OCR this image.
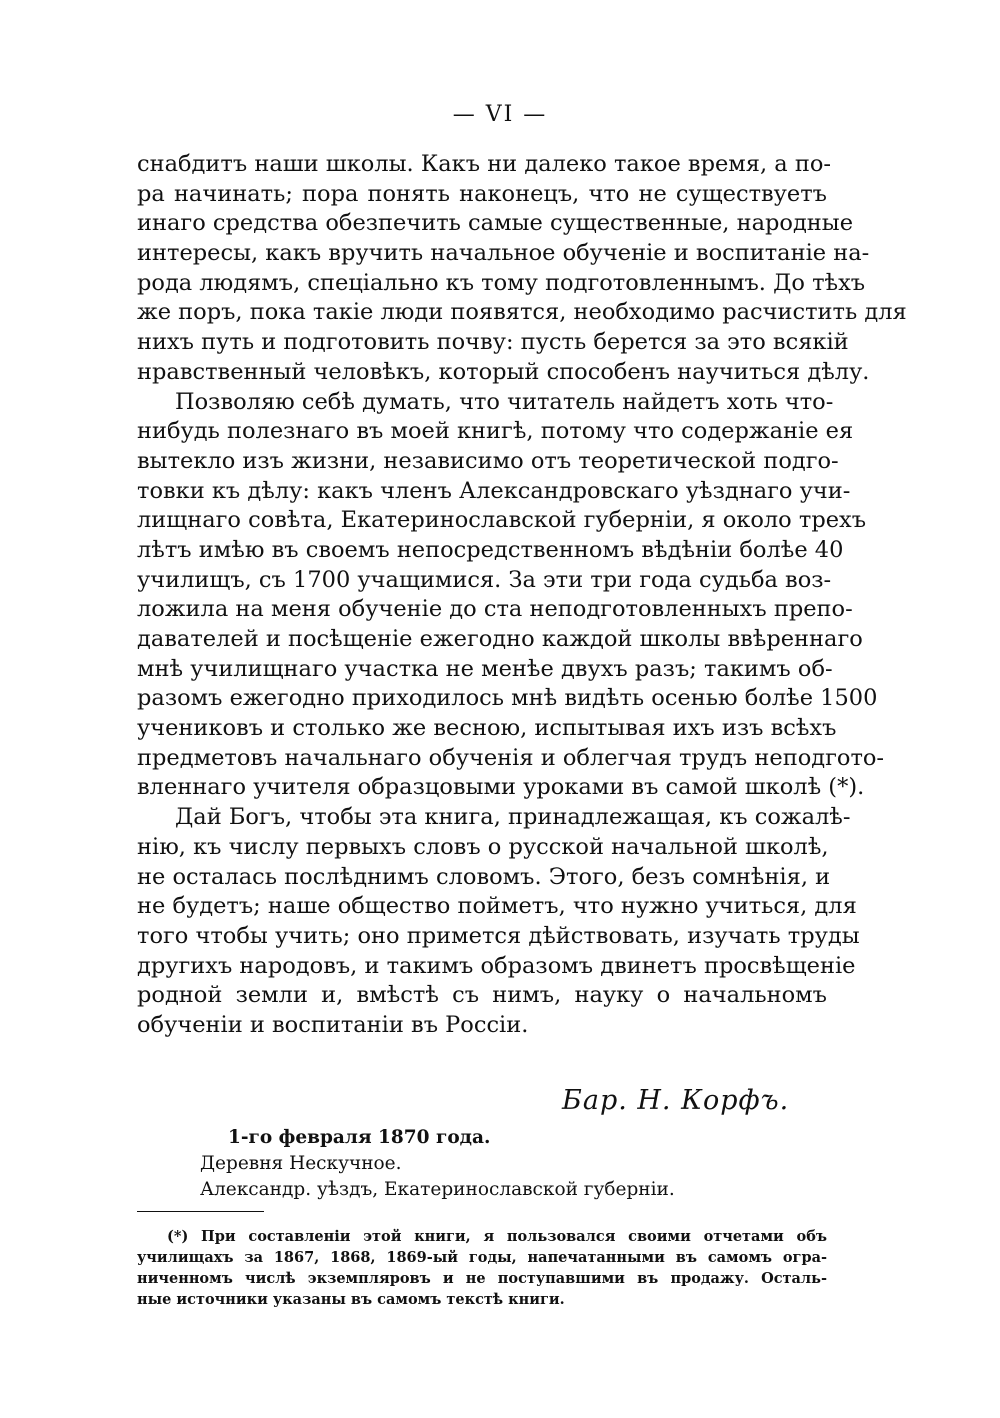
— VI —
снабдитъ наши школы. Какъ ни далеко такое время, а по-
ра начинать; пора понять наконецъ, что не существуетъ
инаго средства обезпечить самые существенные, народные
интересы, какъ вручить начальное обученіе и воспитаніе на-
рода людямъ, спеціально къ тому подготовленнымъ. До тѣхъ
же поръ, пока такіе люди появятся, необходимо расчистить для
нихъ путь и подготовить почву: пусть берется за это всякій
нравственный человѣкъ, который способенъ научиться дѣлу.
Позволяю себѣ думать, что читатель найдетъ хоть что-
нибудь полезнаго въ моей книгѣ, потому что содержаніе ея
вытекло изъ жизни, независимо отъ теоретической подго-
товки къ дѣлу: какъ членъ Александровскаго уѣзднаго учи-
лищнаго совѣта, Екатеринославской губерніи, я около трехъ
лѣтъ имѣю въ своемъ непосредственномъ вѣдѣніи болѣе 40
училищъ, съ 1700 учащимися. За эти три года судьба воз-
ложила на меня обученіе до ста неподготовленныхъ препо-
давателей и посѣщеніе ежегодно каждой школы ввѣреннаго
мнѣ училищнаго участка не менѣе двухъ разъ; такимъ об-
разомъ ежегодно приходилось мнѣ видѣть осенью болѣе 1500
учениковъ и столько же весною, испытывая ихъ изъ всѣхъ
предметовъ начальнаго обученія и облегчая трудъ неподгото-
вленнаго учителя образцовыми уроками въ самой школѣ (*).
Дай Богъ, чтобы эта книга, принадлежащая, къ сожалѣ-
нію, къ числу первыхъ словъ о русской начальной школѣ,
не осталась послѣднимъ словомъ. Этого, безъ сомнѣнія, и
не будетъ; наше общество пойметъ, что нужно учиться, для
того чтобы учить; оно примется дѣйствовать, изучать труды
другихъ народовъ, и такимъ образомъ двинетъ просвѣщеніе
родной земли и, вмѣстѣ съ нимъ, науку о начальномъ
обученіи и воспитаніи въ Россіи.
Бар. Н. Корфъ.
1-го февраля 1870 года.
Деревня Нескучное.
Александр. уѣздъ, Екатеринославской губерніи.
(*) При составленіи этой книги, я пользовался своими отчетами объ
училищахъ за 1867, 1868, 1869-ый годы, напечатанными въ самомъ огра-
ниченномъ числѣ экземпляровъ и не поступавшими въ продажу. Осталь-
ные источники указаны въ самомъ текстѣ книги.
